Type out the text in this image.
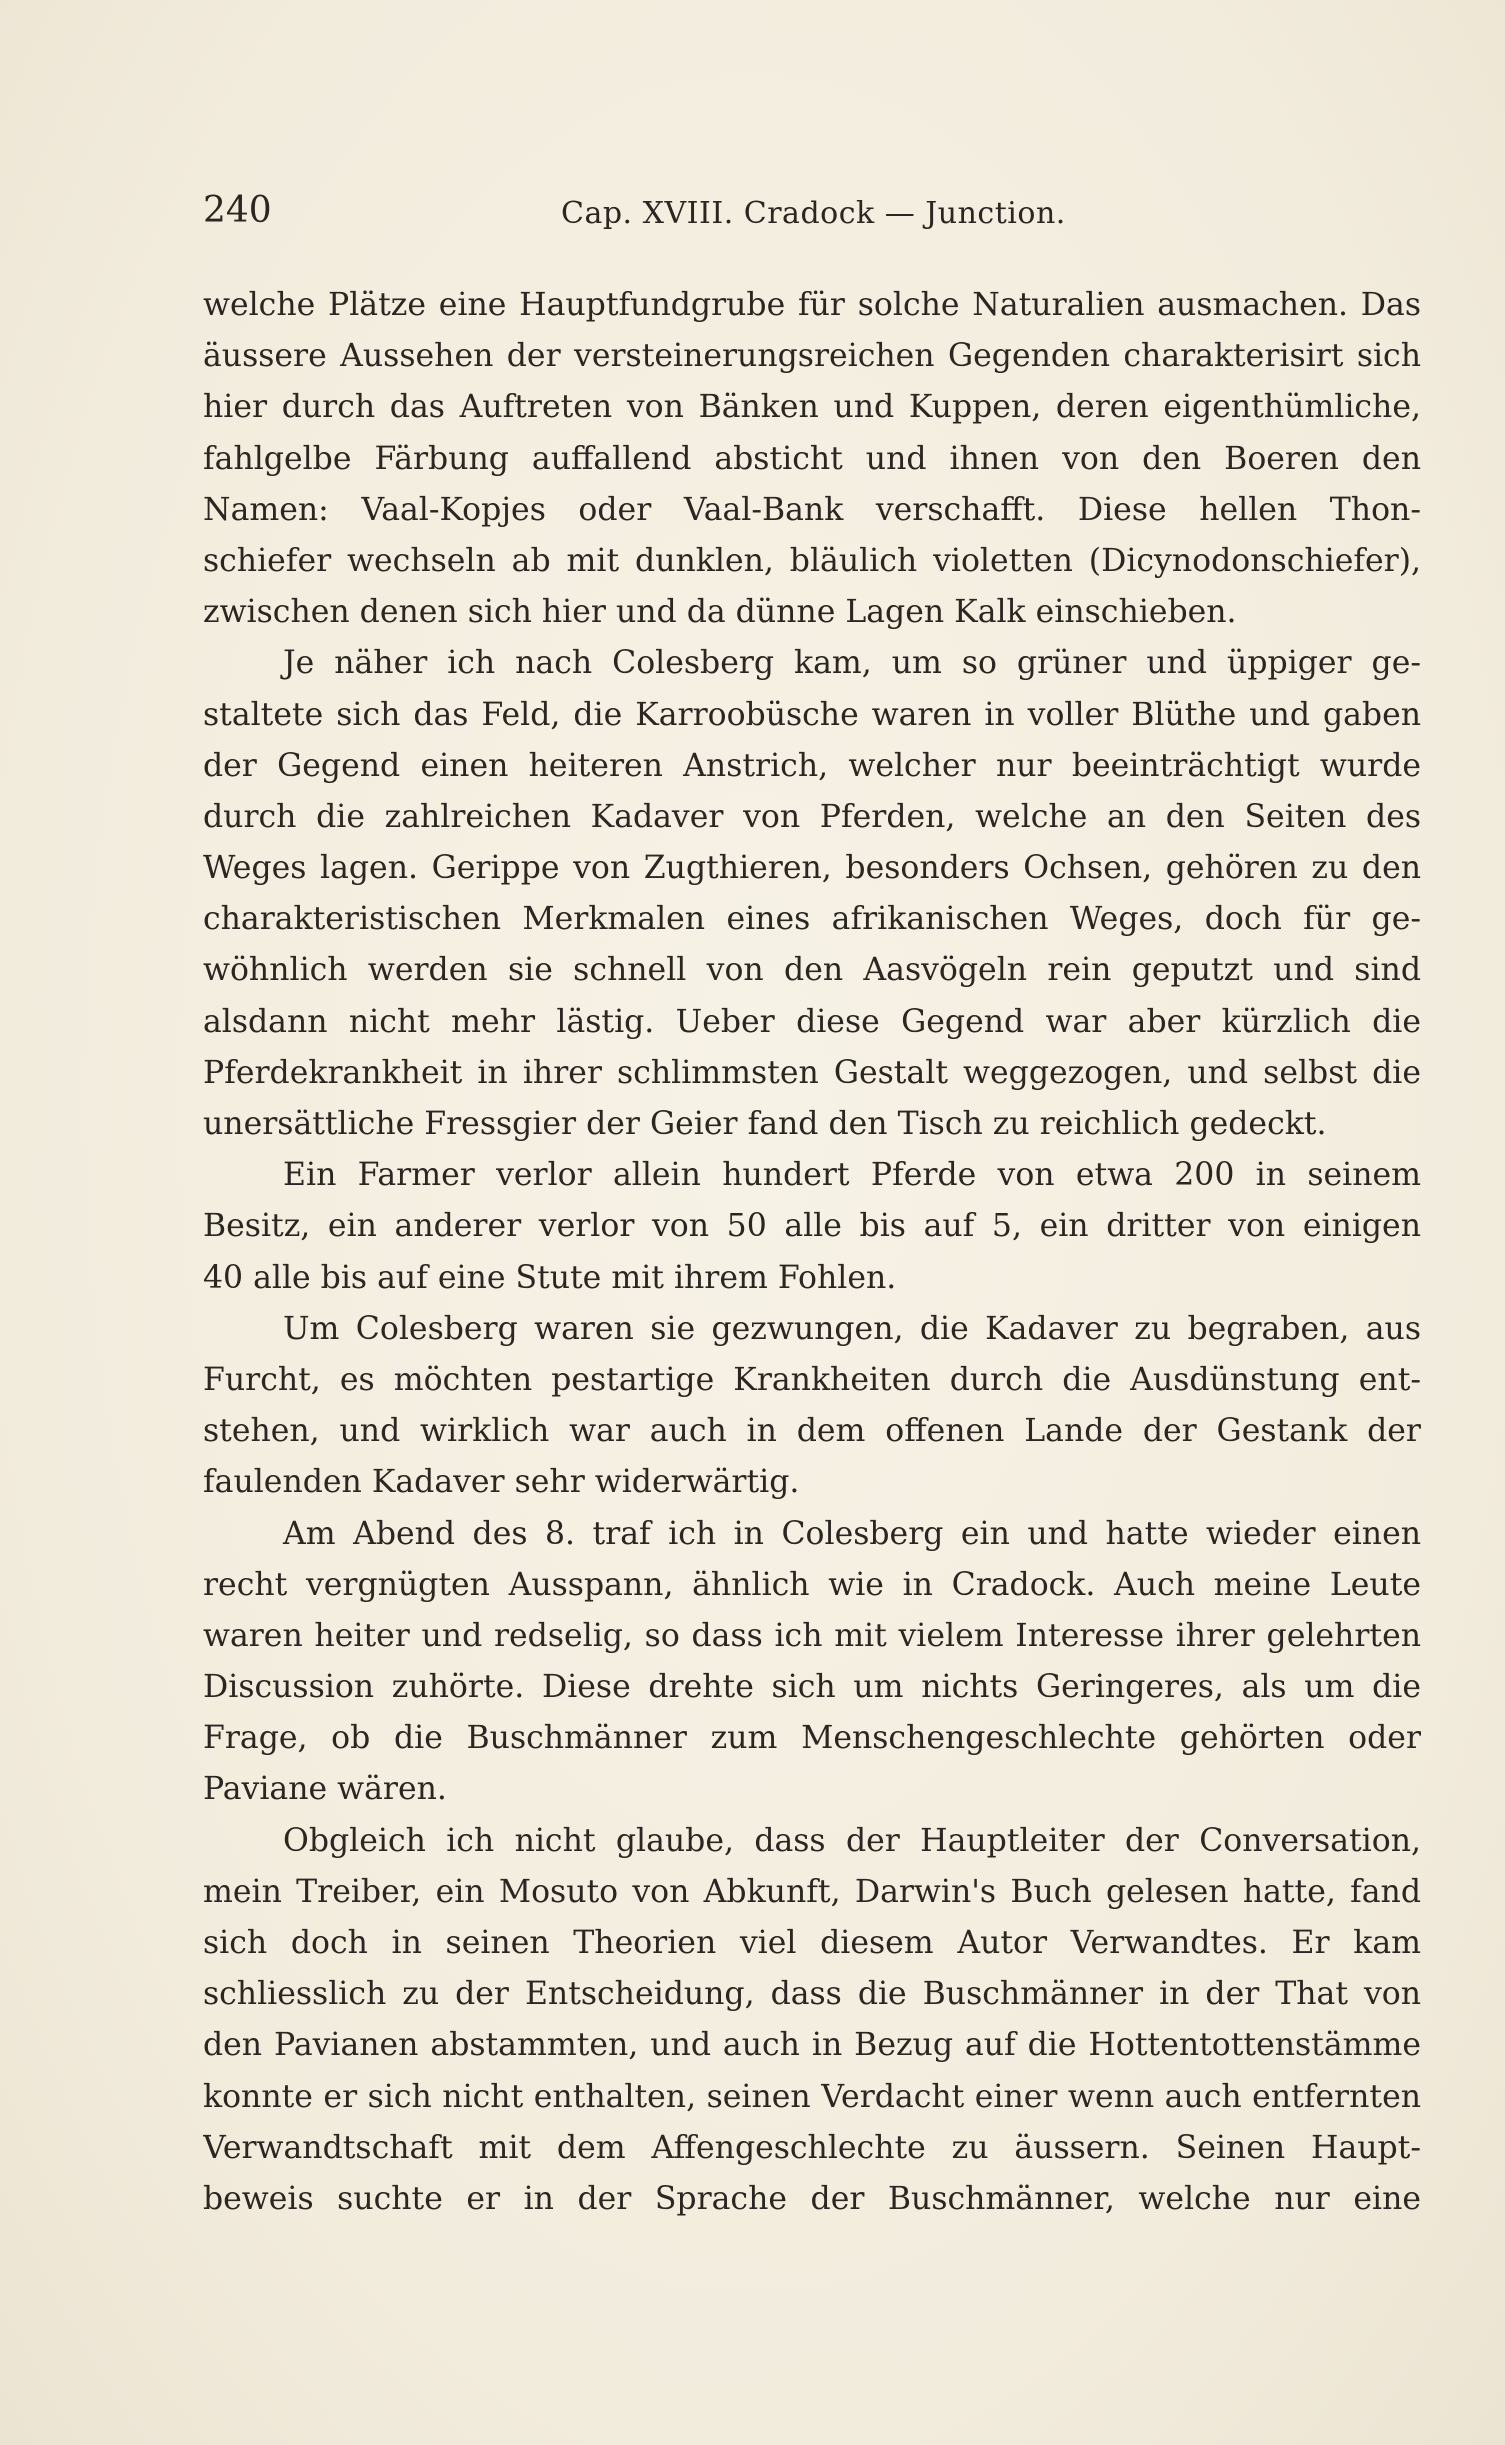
240	Cap. XVIII. Cradock — Junction.
welche Plätze eine Hauptfundgrube für solche Naturalien ausmachen. Das
äussere Aussehen der versteinerungsreichen Gegenden charakterisirt sich
hier durch das Auftreten von Bänken und Kuppen, deren eigenthümliche,
fahlgelbe Färbung auffallend absticht und ihnen von den Boeren den
Namen: Vaal-Kopjes oder Vaal-Bank verschafft. Diese hellen Thon-
schiefer wechseln ab mit dunklen, bläulich violetten (Dicynodonschiefer),
zwischen denen sich hier und da dünne Lagen Kalk einschieben.
Je näher ich nach Colesberg kam, um so grüner und üppiger ge-
staltete sich das Feld, die Karroobüsche waren in voller Blüthe und gaben
der Gegend einen heiteren Anstrich, welcher nur beeinträchtigt wurde
durch die zahlreichen Kadaver von Pferden, welche an den Seiten des
Weges lagen. Gerippe von Zugthieren, besonders Ochsen, gehören zu den
charakteristischen Merkmalen eines afrikanischen Weges, doch für ge-
wöhnlich werden sie schnell von den Aasvögeln rein geputzt und sind
alsdann nicht mehr lästig. Ueber diese Gegend war aber kürzlich die
Pferdekrankheit in ihrer schlimmsten Gestalt weggezogen, und selbst die
unersättliche Fressgier der Geier fand den Tisch zu reichlich gedeckt.
Ein Farmer verlor allein hundert Pferde von etwa 200 in seinem
Besitz, ein anderer verlor von 50 alle bis auf 5, ein dritter von einigen
40 alle bis auf eine Stute mit ihrem Fohlen.
Um Colesberg waren sie gezwungen, die Kadaver zu begraben, aus
Furcht, es möchten pestartige Krankheiten durch die Ausdünstung ent-
stehen, und wirklich war auch in dem offenen Lande der Gestank der
faulenden Kadaver sehr widerwärtig.
Am Abend des 8. traf ich in Colesberg ein und hatte wieder einen
recht vergnügten Ausspann, ähnlich wie in Cradock. Auch meine Leute
waren heiter und redselig, so dass ich mit vielem Interesse ihrer gelehrten
Discussion zuhörte. Diese drehte sich um nichts Geringeres, als um die
Frage, ob die Buschmänner zum Menschengeschlechte gehörten oder
Paviane wären.
Obgleich ich nicht glaube, dass der Hauptleiter der Conversation,
mein Treiber, ein Mosuto von Abkunft, Darwin's Buch gelesen hatte, fand
sich doch in seinen Theorien viel diesem Autor Verwandtes. Er kam
schliesslich zu der Entscheidung, dass die Buschmänner in der That von
den Pavianen abstammten, und auch in Bezug auf die Hottentottenstämme
konnte er sich nicht enthalten, seinen Verdacht einer wenn auch entfernten
Verwandtschaft mit dem Affengeschlechte zu äussern. Seinen Haupt-
beweis suchte er in der Sprache der Buschmänner, welche nur eine
